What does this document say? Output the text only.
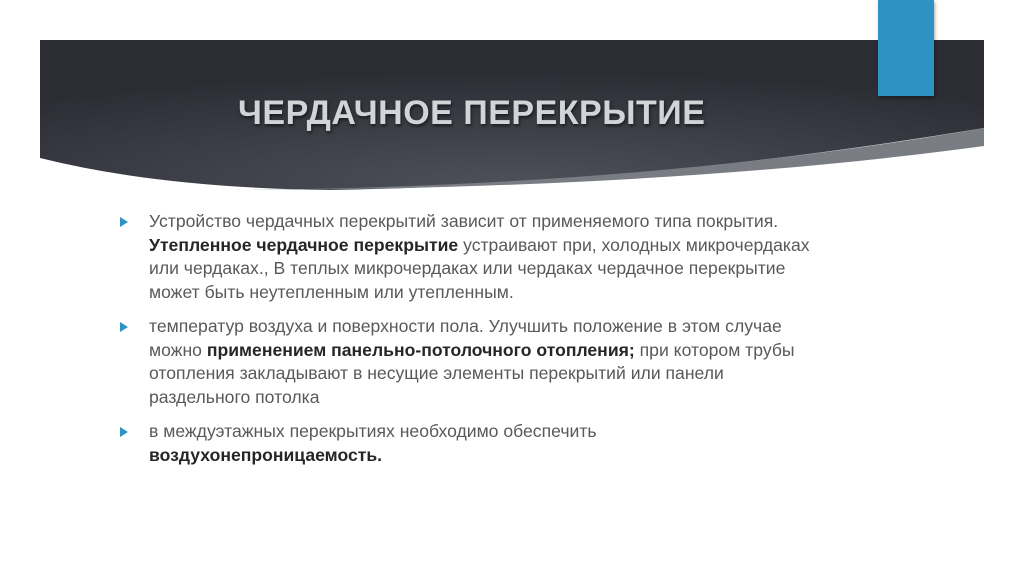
ЧЕРДАЧНОЕ ПЕРЕКРЫТИЕ

Устройство чердачных перекрытий зависит от применяемого типа покрытия. Утепленное чердачное перекрытие устраивают при, холодных микрочердаках или чердаках., В теплых микрочердаках или чердаках чердачное перекрытие может быть неутепленным или утепленным.

температур воздуха и поверхности пола. Улучшить положение в этом случае можно применением панельно-потолочного отопления; при котором трубы отопления закладывают в несущие элементы перекрытий или панели раздельного потолка

в междуэтажных перекрытиях необходимо обеспечить воздухонепроницаемость.
